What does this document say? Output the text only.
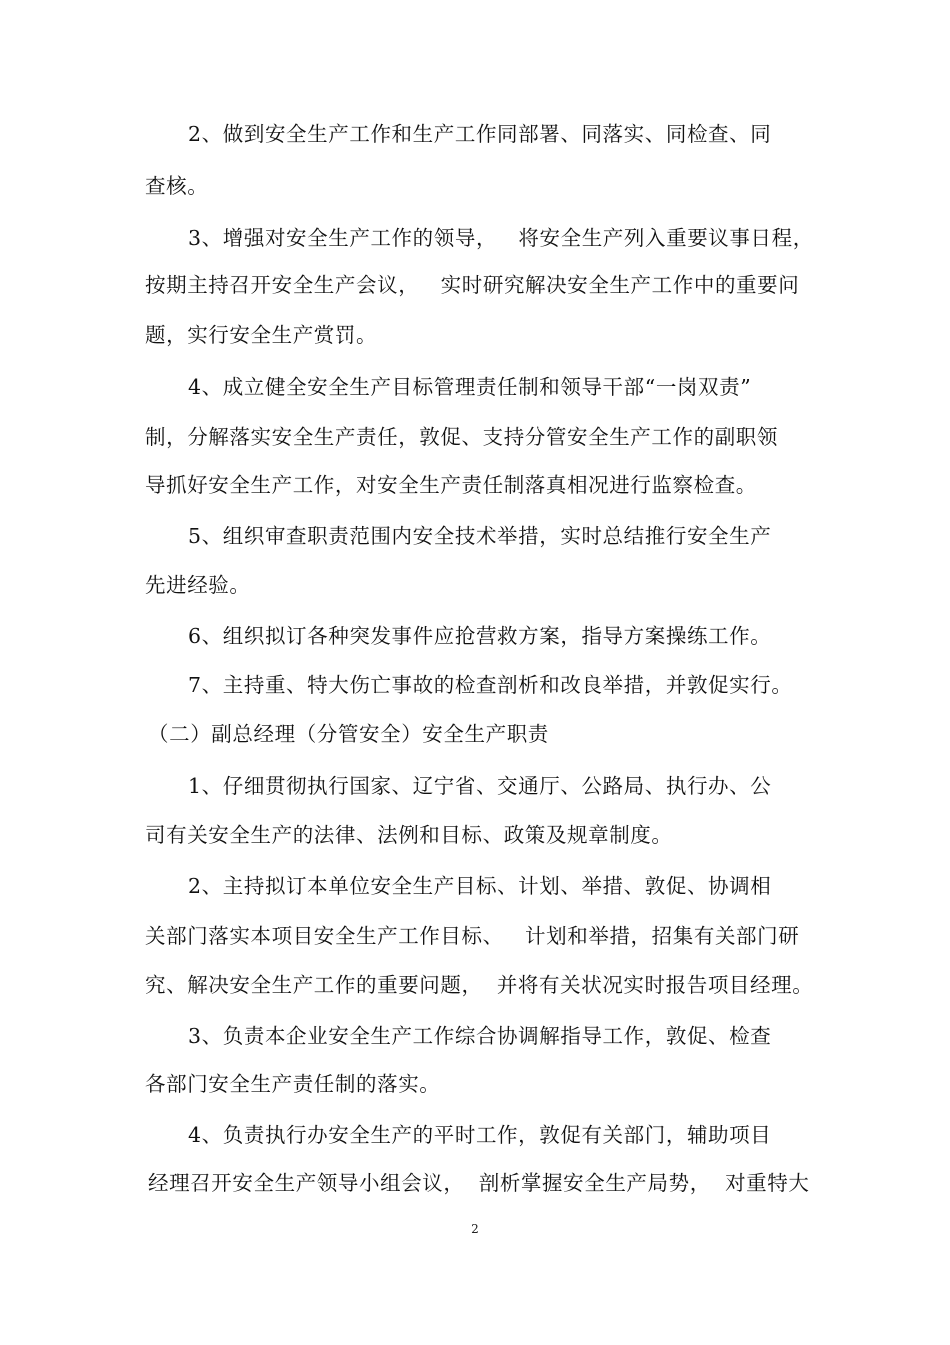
2、做到安全生产工作和生产工作同部署、同落实、同检查、同
查核。
3、增强对安全生产工作的领导，   将安全生产列入重要议事日程，
按期主持召开安全生产会议，   实时研究解决安全生产工作中的重要问
题，实行安全生产赏罚。
4、成立健全安全生产目标管理责任制和领导干部“一岗双责”
制，分解落实安全生产责任，敦促、支持分管安全生产工作的副职领
导抓好安全生产工作，对安全生产责任制落真相况进行监察检查。
5、组织审查职责范围内安全技术举措，实时总结推行安全生产
先进经验。
6、组织拟订各种突发事件应抢营救方案，指导方案操练工作。
7、主持重、特大伤亡事故的检查剖析和改良举措，并敦促实行。
（二）副总经理（分管安全）安全生产职责
1、仔细贯彻执行国家、辽宁省、交通厅、公路局、执行办、公
司有关安全生产的法律、法例和目标、政策及规章制度。
2、主持拟订本单位安全生产目标、计划、举措、敦促、协调相
关部门落实本项目安全生产工作目标、   计划和举措，招集有关部门研
究、解决安全生产工作的重要问题，  并将有关状况实时报告项目经理。
3、负责本企业安全生产工作综合协调解指导工作，敦促、检查
各部门安全生产责任制的落实。
4、负责执行办安全生产的平时工作，敦促有关部门，辅助项目
经理召开安全生产领导小组会议，  剖析掌握安全生产局势，  对重特大
2
